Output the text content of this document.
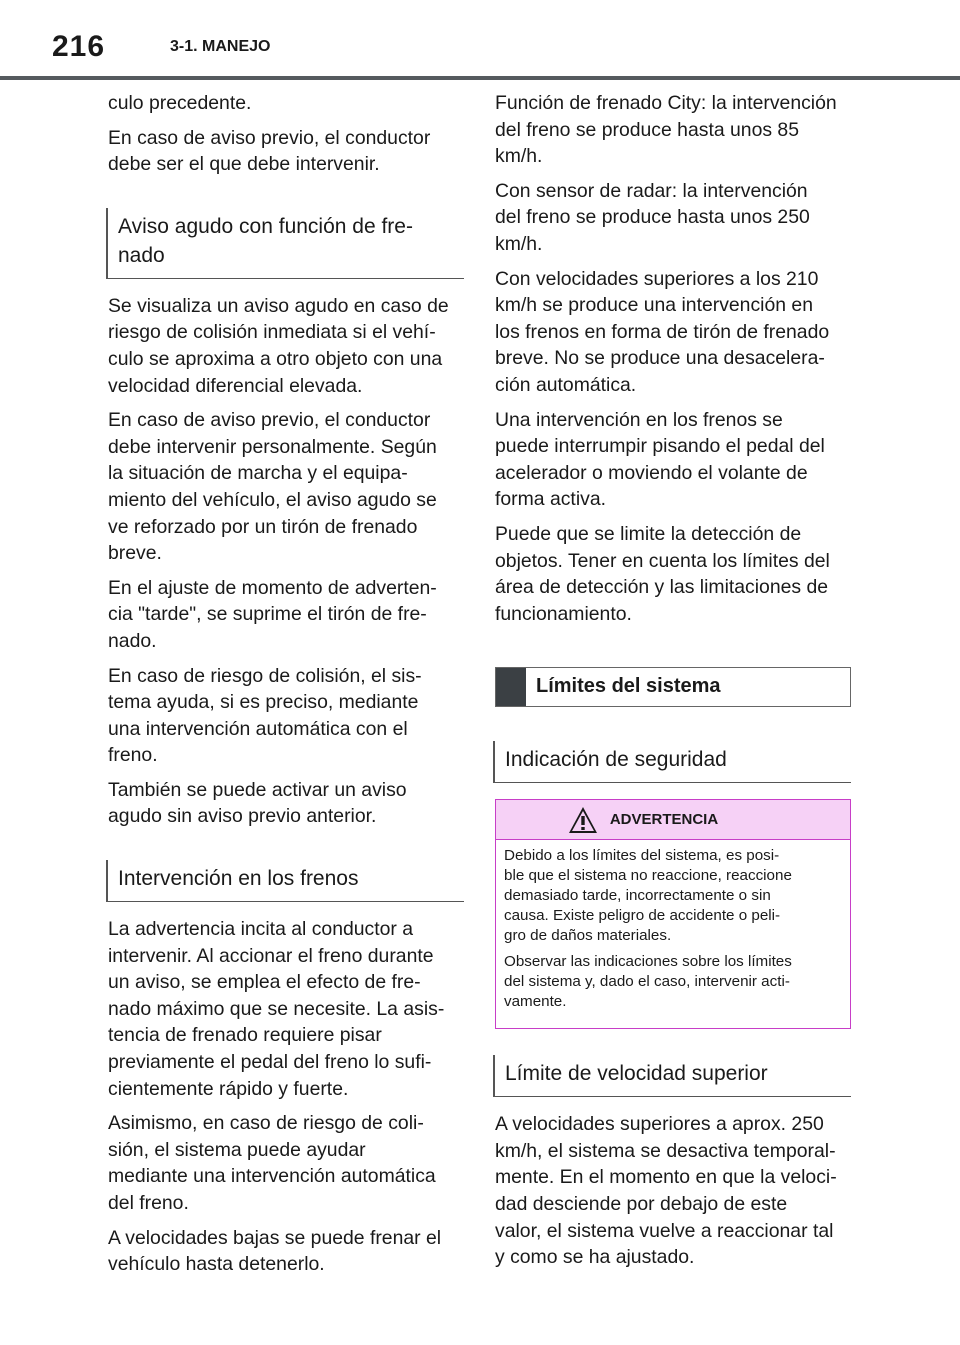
216	3-1. MANEJO

culo precedente.

En caso de aviso previo, el conductor
debe ser el que debe intervenir.

Aviso agudo con función de fre-
nado

Se visualiza un aviso agudo en caso de
riesgo de colisión inmediata si el vehí-
culo se aproxima a otro objeto con una
velocidad diferencial elevada.

En caso de aviso previo, el conductor
debe intervenir personalmente. Según
la situación de marcha y el equipa-
miento del vehículo, el aviso agudo se
ve reforzado por un tirón de frenado
breve.

En el ajuste de momento de adverten-
cia "tarde", se suprime el tirón de fre-
nado.

En caso de riesgo de colisión, el sis-
tema ayuda, si es preciso, mediante
una intervención automática con el
freno.

También se puede activar un aviso
agudo sin aviso previo anterior.

Intervención en los frenos

La advertencia incita al conductor a
intervenir. Al accionar el freno durante
un aviso, se emplea el efecto de fre-
nado máximo que se necesite. La asis-
tencia de frenado requiere pisar
previamente el pedal del freno lo sufi-
cientemente rápido y fuerte.

Asimismo, en caso de riesgo de coli-
sión, el sistema puede ayudar
mediante una intervención automática
del freno.

A velocidades bajas se puede frenar el
vehículo hasta detenerlo.

Función de frenado City: la intervención
del freno se produce hasta unos 85
km/h.

Con sensor de radar: la intervención
del freno se produce hasta unos 250
km/h.

Con velocidades superiores a los 210
km/h se produce una intervención en
los frenos en forma de tirón de frenado
breve. No se produce una desacelera-
ción automática.

Una intervención en los frenos se
puede interrumpir pisando el pedal del
acelerador o moviendo el volante de
forma activa.

Puede que se limite la detección de
objetos. Tener en cuenta los límites del
área de detección y las limitaciones de
funcionamiento.

Límites del sistema
Indicación de seguridad
ADVERTENCIA

Debido a los límites del sistema, es posi-
ble que el sistema no reaccione, reaccione
demasiado tarde, incorrectamente o sin
causa. Existe peligro de accidente o peli-
gro de daños materiales.

Observar las indicaciones sobre los límites
del sistema y, dado el caso, intervenir acti-
vamente.

Límite de velocidad superior

A velocidades superiores a aprox. 250
km/h, el sistema se desactiva temporal-
mente. En el momento en que la veloci-
dad desciende por debajo de este
valor, el sistema vuelve a reaccionar tal
y como se ha ajustado.
